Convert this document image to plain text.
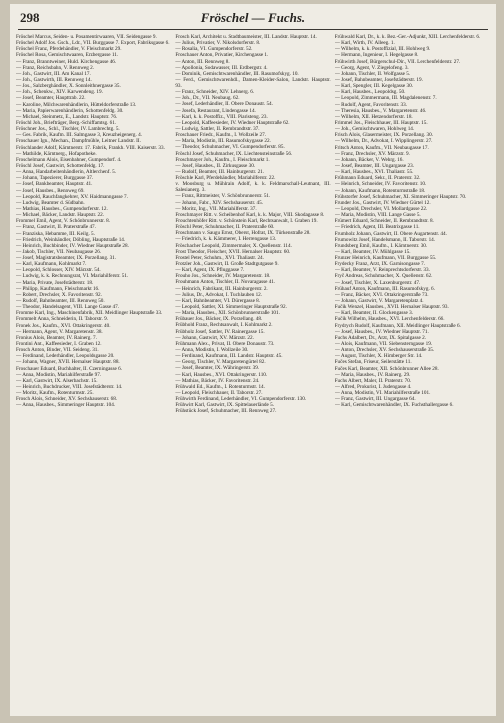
298	Fröschel — Fuchs.

Fröschel Marcus, Seiden- u. Posamentirwaaren, VII. Seidengasse 9.

Fröschel Adolf Jos. Gsch., Ldr., VII. Burggasse 7. Export, Fabriksgasse 6.

Fröschel Franz, Pferdehändler, V. Fleischmarkt 29.

Fröschel Rosa, Gemischtwaaren, Erzbergasse 11.

— Franz, Branntweiner, Huld. Kirchengasse 46.

— Franz, Reichsbahn, V. Rennweg 2.

— Joh., Gastwirt, III. Am Kanal 17.

— Joh., Gastwirth, III. Rennweg 14.

— Jos., Salzberghändler, X. Sonnleithnergasse 35.

— Joh., Schenkw., XIV. Karwendeng. 19.

— Josef, Beamter, Haupttrab. 22.

— Karoline, Milchwarenhändlerin, Hütteldorferstraße 13.

— Maria, Papierwarenhändlerin, Schottenfeldg. 30.

— Michael, Steinmetz, E., Landstr. Hauptstr. 76.

Fröschl Joh., Briefträger, Berg.-Schiffamtsg. 61.

Fröschner Jos., Schl., Tischler, IV. Lambrechtg. 5.

— Ges. Fabrik, Kaufm. III. Salmgasse 3, Kreuzheigenerg. 4.

Froschauer Ign., Mechan., Dampfmühle, Leitner Landstr. II.

Fröschlander Adolf, Kärntnerstr. 17. Fabrik, Frankh. VIII. Kaiserstr. 33.

— Mathilde, Kärntnerg., Hofapotheke.

Froschelmann Alois, Eisenbahner, Gumpendorf. 4.

Fröschl Josef, Gastwirt, Schottenfeldg. 17.

— Anna, Handarbeitenhändlerin, Altlerchenf. 5.

— Johann, Tapezierer, Burggasse 37.

— Josef, Bankbeamter, Hauptstr. 41.

— Josef, Hausbes., Rennweg 69.

— Leopold, Rauchfangkehrer, XV. Haidmanngasse 7.

— Ludwig, Beamter d. Südbahn.

— Mathias, Hausbes., Gumpendorferstr. 12.

— Michael, Bäcker, Landstr. Hauptstr. 22.

Frommel Emil, Agent, V. Schönbrunnerstr. 8.

— Franz, Gastwirt, II. Praterstraße 47.

— Franziska, Hebamme, III. Keilg. 5.

— Friedrich, Weinhändler, Döbling, Hauptstraße 14.

— Heinrich, Buchbinder, IV. Wiedner Hauptstraße 28.

— Jakob, Tischler, VII. Neubaugasse 26.

— Josef, Magistratsbeamter, IX. Porzellang. 31.

— Karl, Kaufmann, Kohlmarkt 7.

— Leopold, Schlosser, XIV. Märzstr. 54.

— Ludwig, k. k. Rechnungsrat, VI. Mariahilferstr. 51.

— Maria, Private, Josefstädterstr. 18.

— Philipp, Kaufmann, Fleischmarkt 16.

— Robert, Drechsler, X. Favoritenstr. 92.

— Rudolf, Bahnbeamter, III. Rennweg 50.

— Theodor, Handelsagent, VIII. Lange Gasse 47.

Fromme Karl, Ing., Maschinenfabrik, XII. Meidlinger Hauptstraße 33.

Frommelt Anna, Schneiderin, II. Taborstr. 9.

Fronek Jos., Kaufm., XVI. Ottakringerstr. 40.

— Hermann, Agent, V. Margaretenstr. 38.

Fronius Alois, Beamter, IV. Rainerg. 7.

Frontini Ant., Kaffeesieder, I. Graben 12.

Frosch Anton, Binder, VII. Seideng. 31.

— Ferdinand, Lederhändler, Leopoldsgasse 20.

— Johann, Wagner, XVII. Hernalser Hauptstr. 88.

Froschauer Eduard, Buchhalter, II. Czerningasse 6.

— Anna, Modistin, Mariahilferstraße 97.

— Karl, Gastwirt, IX. Alserbachstr. 15.

— Heinrich, Buchdrucker, VIII. Josefstädterstr. 14.

— Moritz, Kaufm., Rotenturmstr. 25.

Frosch Alois, Schneider, XV. Sechshauserstr. 68.

— Anna, Hausbes., Simmeringer Hauptstr. 104.

Frosch Karl, Architekt u. Stadtbaumeister, III. Landstr. Hauptstr. 14.

— Julius, Privatier, V. Nikolsdorferstr. 8.

— Rosalia, VI. Gumpendorferstr. 52.

Froschauer Anton, Privatier, Kirchengasse 1.

— Anton, III. Rennweg 8.

— Apollonia, Sodawasser, III. Erdbergstr. 4.

— Dominik, Gemischtwarenhändler, III. Rasumofskyg. 10.

— Ferd., Gemischtwarenhdl., Damen-Kleider-Salon, Landstr. Hauptstr. 93.

— Franz, Schneider, XIV. Lehnerg. 6.

— Joh., Dr., VII. Neubaug. 62.

— Josef, Lederhändler, II. Obere Donaustr. 54.

— Josefa, Restaurant, Lindengasse 14.

— Karl, k. k. Postoffiz., VIII. Piaristeng. 23.

— Leopold, Kaffeesieder, IV. Wiedner Hauptstraße 62.

— Ludwig, Sattler, II. Rembrandtstr. 37.

Froschauer Friedr., Kaufm., I. Wollzeile 27.

— Maria, Modistin, III. Rasumofskygasse 22.

— Theodor, Schuhmacher, VI. Gumpendorferstr. 85.

Fröschl Josef, Schuhmacher, IX. Liechtensteinstraße 56.

Froschmayer Joh., Kaufm., I. Fleischmarkt 1.

— Josef, Hausbes., II. Zirkusgasse 30.

— Rudolf, Beamter, III. Hainburgerstr. 21.

Fröschle Karl, Pferdehändler, Mariahilferstr. 22.

v. Moosburg u. Mühlrain Adolf, k. k. Feldmarschall-Leutnant, III. Salesianerg. 3.

— Franz, Rittmeister, V. Schönbrunnerstr. 51.

— Johann, Fabr., XIV. Sechshauserstr. 45.

— Moritz, Ing., VII. Mariahilferstr. 37.

Froschmayer Ritt. v. Scheibenhof Karl, k. k. Major, VIII. Skodagasse 8.

Frouchtenhöfer Ritt. v. Schönstein Karl, Rechtsanwalt, I. Graben 19.

Fröschl Peter, Schuhmacher, II. Praterstraße 60.

Froschmann v. Saugu Ernst, Oberst, Hofrat, IX. Türkenstraße 28.

— Friedrich, k. k. Kämmerer, I. Herrengasse 13.

Fröschacher Leopold, Zimmermaler, X. Quellenstr. 114.

Frost Theodor, Fleischer, XVII. Hernalser Hauptstr. 60.

Frostel Peter, Schuhm., XVI. Thaliastr. 24.

Frotzler Joh., Gastwirt, II. Große Stadtgutgasse 9.

— Karl, Agent, IX. Pfluggasse 7.

Frouho Jos., Schneider, IV. Margaretenstr. 18.

Frouhmann Anton, Tischler, II. Novaragasse 41.

— Heinrich, Fabrikant, III. Hainburgerstr. 2.

— Julius, Dr., Advokat, I. Tuchlauben 12.

— Karl, Bahnbeamter, VI. Dürergasse 8.

— Leopold, Sattler, XI. Simmeringer Hauptstraße 92.

— Maria, Hausbes., XII. Schönbrunnerstraße 101.

Frübauer Jos., Bäcker, IX. Porzellang. 48.

Frübhold Franz, Rechtsanwalt, I. Kohlmarkt 2.

Frübholz Josef, Sattler, IV. Rainergasse 15.

— Johann, Gastwirt, XV. Märzstr. 22.

Frühmann Alex., Privat, II. Obere Donaustr. 73.

— Anna, Modistin, I. Wollzeile 30.

— Ferdinand, Kaufmann, III. Landstr. Hauptstr. 45.

— Georg, Tischler, V. Margaretengürtel 82.

— Josef, Beamter, IX. Währingerstr. 39.

— Karl, Hausbes., XVI. Ottakringerstr. 110.

— Mathias, Bäcker, IV. Favoritenstr. 24.

Frühwald Ed., Kaufm., I. Rotenturmstr. 14.

— Leopold, Fleischhauer, II. Taborstr. 27.

Frühwirth Ferdinand, Lederhändler, VI. Gumpendorferstr. 130.

Frühwirt Karl, Gastwirt, IX. Spittelauerlände 5.

Frühstück Josef, Schuhmacher, III. Rennweg 27.

Frühwald Karl, Dr., k. k. Bez.-Ger.-Adjunkt, XIII. Lerchenfelderstr. 6.

— Karl, Wirth, IV. Alleeg. 1.

— Wilhelm, k. k. Postoffizial, III. Hohlweg 9.

— Hermann, Ingenieur, I. Hegelgasse 8.

Frühwirth Josef, Bürgerschul-Dir., VII. Lerchenfelderstr. 27.

— Georg, Agent, V. Ziegelofeng. 3.

— Johann, Tischler, II. Wolfgasse 5.

— Josef, Bahnbeamter, Josefstädterstr. 19.

— Karl, Spengler, III. Kegelgasse 30.

— Karl, Hausbes., Leopoldsg. 50.

— Leopold, Zimmermann, III. Magdalenenstr. 7.

— Rudolf, Agent, Favoritenstr. 33.

— Theresia, Hausbes., V. Margaretenstr. 46.

— Wilhelm, XII. Hetzendorferstr. 18.

Frimmel Jos., Fleischhauer, III. Hauptstr. 15.

— Joh., Gemischtwaren, Hohlweg 14.

Frisch Alois, Glasermeister, IX. Porzellang. 30.

— Wilhelm, Dr., Advokat, I. Wipplingerstr. 27.

Fritsch Anton, Kaufm., VII. Neubaugasse 17.

— Franz, Drechsler, XV. Märzstr. 9.

— Johann, Bäcker, V. Wehrg. 16.

— Josef, Beamter, III. Ungargasse 23.

— Karl, Hausbes., XVI. Thaliastr. 55.

Frühmann Eduard, Sekr., II. Praterstr. 32.

— Heinrich, Schneider, IV. Favoritenstr. 10.

— Johann, Kaufmann, Rotenturmstraße 18.

Frühstorfer Josef, Schuhmacher, XI. Simmeringer Hauptstr. 70.

Frunder Jos., Gastwirt, IV. Wiedner Gürtel 12.

— Leopold, Drechsler, VI. Mollardgasse 22.

— Maria, Modistin, VIII. Lange Gasse 5.

Frümert Eduard, Schneider, II. Rembrandtstr. 8.

— Friedrich, Agent, III. Beatrixgasse 11.

Frumholz Johann, Gastwirt, II. Obere Augartenstr. 44.

Frumowitz Josef, Handelsmann, II. Taborstr. 14.

Frundsberg Emil, Kaufm., I. Kärntnerstr. 30.

— Karl, Beamter, IV. Mühlgasse 15.

Frunzer Heinrich, Kaufmann, VII. Burggasse 55.

Frydecky Franz, Arzt, IX. Garnisongasse 7.

— Karl, Beamter, V. Reinprechtsdorferstr. 33.

Fryč Andreas, Schuhmacher, X. Quellenstr. 62.

— Josef, Tischler, X. Laxenburgerstr. 47.

Frühauf Anton, Kaufmann, III. Rasumofskyg. 6.

— Franz, Bäcker, XVI. Ottakringerstraße 73.

— Johann, Gastwirt, V. Margaretenplatz 4.

Fučik Wenzel, Hausbes., XVII. Hernalser Hauptstr. 93.

— Karl, Beamter, II. Glockengasse 3.

Fučik Wilhelm, Hausbes., XVI. Lerchenfelderstr. 66.

Frydrych Rudolf, Kaufmann, XII. Meidlinger Hauptstraße 6.

— Josef, Hausbes., IV. Wiedner Hauptstr. 71.

Fuchs Adalbert, Dr., Arzt, IX. Spitalgasse 2.

— Alois, Kaufmann, VII. Siebensterngasse 19.

— Anton, Drechsler, XV. Sechshauserstraße 35.

— August, Tischler, X. Himberger Str. 14.

Fučes Stefan, Friseur, Seilerstätte 11.

Fučes Karl, Beamter, XII. Schönbrunner Allee 28.

— Maria, Hausbes., IV. Rainerg. 29.

Fuchs Albert, Maler, II. Praterstr. 70.

— Alfred, Prokurist, I. Judengasse 4.

— Anna, Modistin, VI. Mariahilferstraße 101.

— Franz, Gastwirt, III. Ungargasse 64.

— Karl, Gemischtwarenhändler, IX. Fuchsthallergasse 6.
